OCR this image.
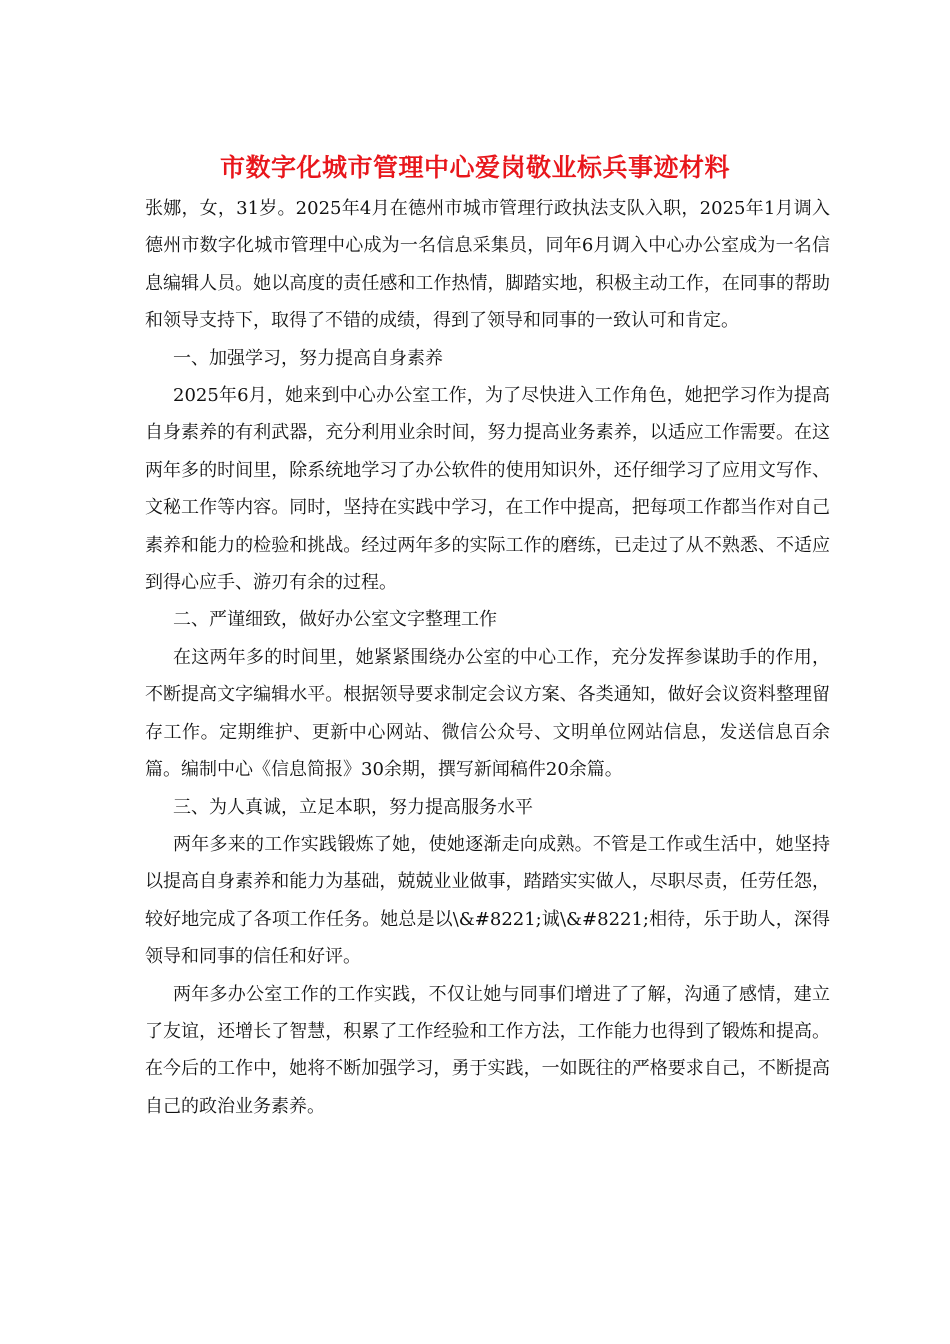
市数字化城市管理中心爱岗敬业标兵事迹材料

张娜，女，31岁。2025年4月在德州市城市管理行政执法支队入职，2025年1月调入德州市数字化城市管理中心成为一名信息采集员，同年6月调入中心办公室成为一名信息编辑人员。她以高度的责任感和工作热情，脚踏实地，积极主动工作，在同事的帮助和领导支持下，取得了不错的成绩，得到了领导和同事的一致认可和肯定。

一、加强学习，努力提高自身素养

2025年6月，她来到中心办公室工作，为了尽快进入工作角色，她把学习作为提高自身素养的有利武器，充分利用业余时间，努力提高业务素养，以适应工作需要。在这两年多的时间里，除系统地学习了办公软件的使用知识外，还仔细学习了应用文写作、文秘工作等内容。同时，坚持在实践中学习，在工作中提高，把每项工作都当作对自己素养和能力的检验和挑战。经过两年多的实际工作的磨练，已走过了从不熟悉、不适应到得心应手、游刃有余的过程。

二、严谨细致，做好办公室文字整理工作

在这两年多的时间里，她紧紧围绕办公室的中心工作，充分发挥参谋助手的作用，不断提高文字编辑水平。根据领导要求制定会议方案、各类通知，做好会议资料整理留存工作。定期维护、更新中心网站、微信公众号、文明单位网站信息，发送信息百余篇。编制中心《信息简报》30余期，撰写新闻稿件20余篇。

三、为人真诚，立足本职，努力提高服务水平

两年多来的工作实践锻炼了她，使她逐渐走向成熟。不管是工作或生活中，她坚持以提高自身素养和能力为基础，兢兢业业做事，踏踏实实做人，尽职尽责，任劳任怨，较好地完成了各项工作任务。她总是以\&#8221;诚\&#8221;相待，乐于助人，深得领导和同事的信任和好评。

两年多办公室工作的工作实践，不仅让她与同事们增进了了解，沟通了感情，建立了友谊，还增长了智慧，积累了工作经验和工作方法，工作能力也得到了锻炼和提高。在今后的工作中，她将不断加强学习，勇于实践，一如既往的严格要求自己，不断提高自己的政治业务素养。
